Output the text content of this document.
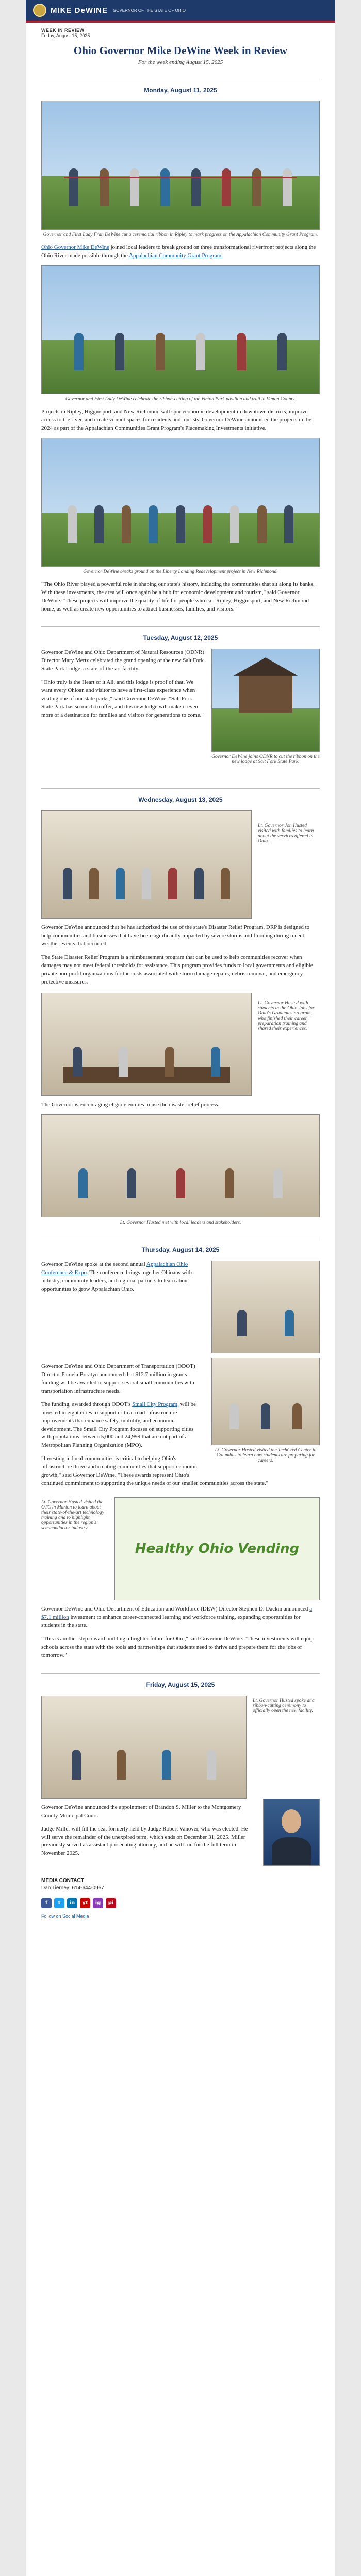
MIKE DeWINE GOVERNOR OF THE STATE OF OHIO
WEEK IN REVIEW
Friday, August 15, 2025
Ohio Governor Mike DeWine Week in Review
For the week ending August 15, 2025
Monday, August 11, 2025
Governor and First Lady Fran DeWine cut a ceremonial ribbon in Ripley to mark progress on the Appalachian Community Grant Program.

Ohio Governor Mike DeWine joined local leaders to break ground on three transformational riverfront projects along the Ohio River made possible through the Appalachian Community Grant Program.

Governor and First Lady DeWine celebrate the ribbon-cutting of the Vinton Park pavilion and trail in Vinton County.

Projects in Ripley, Higginsport, and New Richmond will spur economic development in downtown districts, improve access to the river, and create vibrant spaces for residents and tourists. Governor DeWine announced the projects in the 2024 as part of the Appalachian Communities Grant Program's Placemaking Investments initiative.

Governor DeWine breaks ground on the Liberty Landing Redevelopment project in New Richmond.

"The Ohio River played a powerful role in shaping our state's history, including the communities that sit along its banks. With these investments, the area will once again be a hub for economic development and tourism," said Governor DeWine. "These projects will improve the quality of life for people who call Ripley, Higginsport, and New Richmond home, as well as create new opportunities to attract businesses, families, and visitors."

Tuesday, August 12, 2025
Governor DeWine joins ODNR to cut the ribbon on the new lodge at Salt Fork State Park.

Governor DeWine and Ohio Department of Natural Resources (ODNR) Director Mary Mertz celebrated the grand opening of the new Salt Fork State Park Lodge, a state-of-the-art facility.

"Ohio truly is the Heart of it All, and this lodge is proof of that. We want every Ohioan and visitor to have a first-class experience when visiting one of our state parks," said Governor DeWine. "Salt Fork State Park has so much to offer, and this new lodge will make it even more of a destination for families and visitors for generations to come."

Wednesday, August 13, 2025
Lt. Governor Jon Husted visited with families to learn about the services offered in Ohio.

Governor DeWine announced that he has authorized the use of the state's Disaster Relief Program. DRP is designed to help communities and businesses that have been significantly impacted by severe storms and flooding during recent weather events that occurred.

The State Disaster Relief Program is a reimbursement program that can be used to help communities recover when damages may not meet federal thresholds for assistance. This program provides funds to local governments and eligible private non-profit organizations for the costs associated with storm damage repairs, debris removal, and emergency protective measures.

Lt. Governor Husted with students in the Ohio Jobs for Ohio's Graduates program, who finished their career preparation training and shared their experiences.

The Governor is encouraging eligible entities to use the disaster relief process.

Lt. Governor Husted met with local leaders and stakeholders.
Thursday, August 14, 2025

Governor DeWine spoke at the second annual Appalachian Ohio Conference & Expo. The conference brings together Ohioans with industry, community leaders, and regional partners to learn about opportunities to grow Appalachian Ohio.

Lt. Governor Husted visited the TechCred Center in Columbus to learn how students are preparing for careers.

Governor DeWine and Ohio Department of Transportation (ODOT) Director Pamela Boratyn announced that $12.7 million in grants funding will be awarded to support several small communities with transportation infrastructure needs.

The funding, awarded through ODOT's Small City Program, will be invested in eight cities to support critical road infrastructure improvements that enhance safety, mobility, and economic development. The Small City Program focuses on supporting cities with populations between 5,000 and 24,999 that are not part of a Metropolitan Planning Organization (MPO).

"Investing in local communities is critical to helping Ohio's infrastructure thrive and creating communities that support economic growth," said Governor DeWine. "These awards represent Ohio's continued commitment to supporting the unique needs of our smaller communities across the state."

Lt. Governor Husted visited the OTC in Marion to learn about their state-of-the-art technology training and to highlight opportunities in the region's semiconductor industry.
Healthy Ohio Vending

Governor DeWine and Ohio Department of Education and Workforce (DEW) Director Stephen D. Dackin announced a $7.1 million investment to enhance career-connected learning and workforce training, expanding opportunities for students in the state.

"This is another step toward building a brighter future for Ohio," said Governor DeWine. "These investments will equip schools across the state with the tools and partnerships that students need to thrive and prepare them for the jobs of tomorrow."

Friday, August 15, 2025
Lt. Governor Husted spoke at a ribbon-cutting ceremony to officially open the new facility.

Governor DeWine announced the appointment of Brandon S. Miller to the Montgomery County Municipal Court.

Judge Miller will fill the seat formerly held by Judge Robert Vanover, who was elected. He will serve the remainder of the unexpired term, which ends on December 31, 2025. Miller previously served as assistant prosecuting attorney, and he will run for the full term in November 2025.

MEDIA CONTACT
Dan Tierney: 614-644-0957
f	t	in	yt	ig	pi
Follow on Social Media
